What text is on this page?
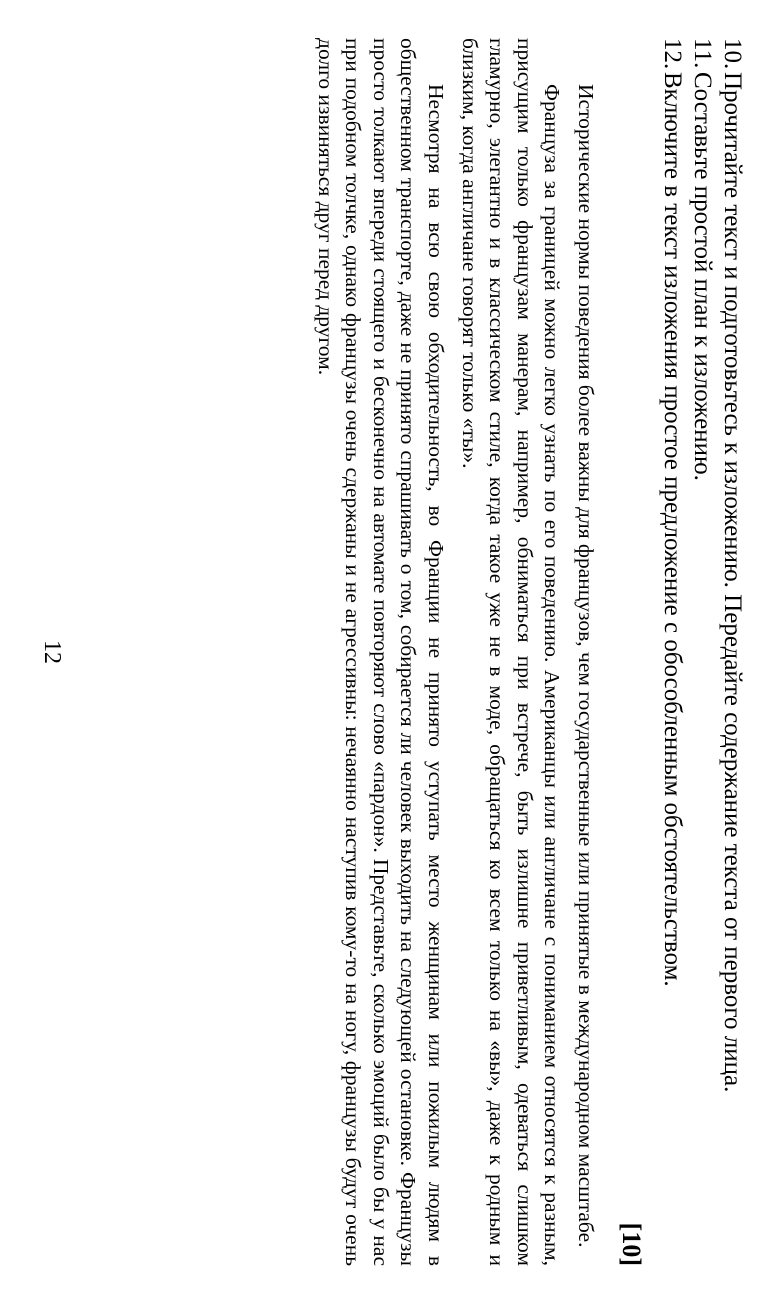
10.
Прочитайте текст и подготовьтесь к изложению. Передайте содержание текста от первого лица.
11.
Составьте простой план к изложению.
12.
Включите в текст изложения простое предложение с обособленным обстоятельством.
[10]

Исторические нормы поведения более важны для французов, чем государственные или принятые в международном масштабе.

Француза за границей можно легко узнать по его поведению. Американцы или англичане с пониманием относятся к разным, присущим только французам манерам, например, обниматься при встрече, быть излишне приветливым, одеваться слишком гламурно, элегантно и в классическом стиле, когда такое уже не в моде, обращаться ко всем только на «вы», даже к родным и близким, когда англичане говорят только «ты».

Несмотря на всю свою обходительность, во Франции не принято уступать место женщинам или пожилым людям в общественном транспорте, даже не принято спрашивать о том, собирается ли человек выходить на следующей остановке. Французы просто толкают впереди стоящего и бесконечно на автомате повторяют слово «пардон». Представьте, сколько эмоций было бы у нас при подобном толчке, однако французы очень сдержаны и не агрессивны: нечаянно наступив кому-то на ногу, французы будут очень долго извиняться друг перед другом.

12
